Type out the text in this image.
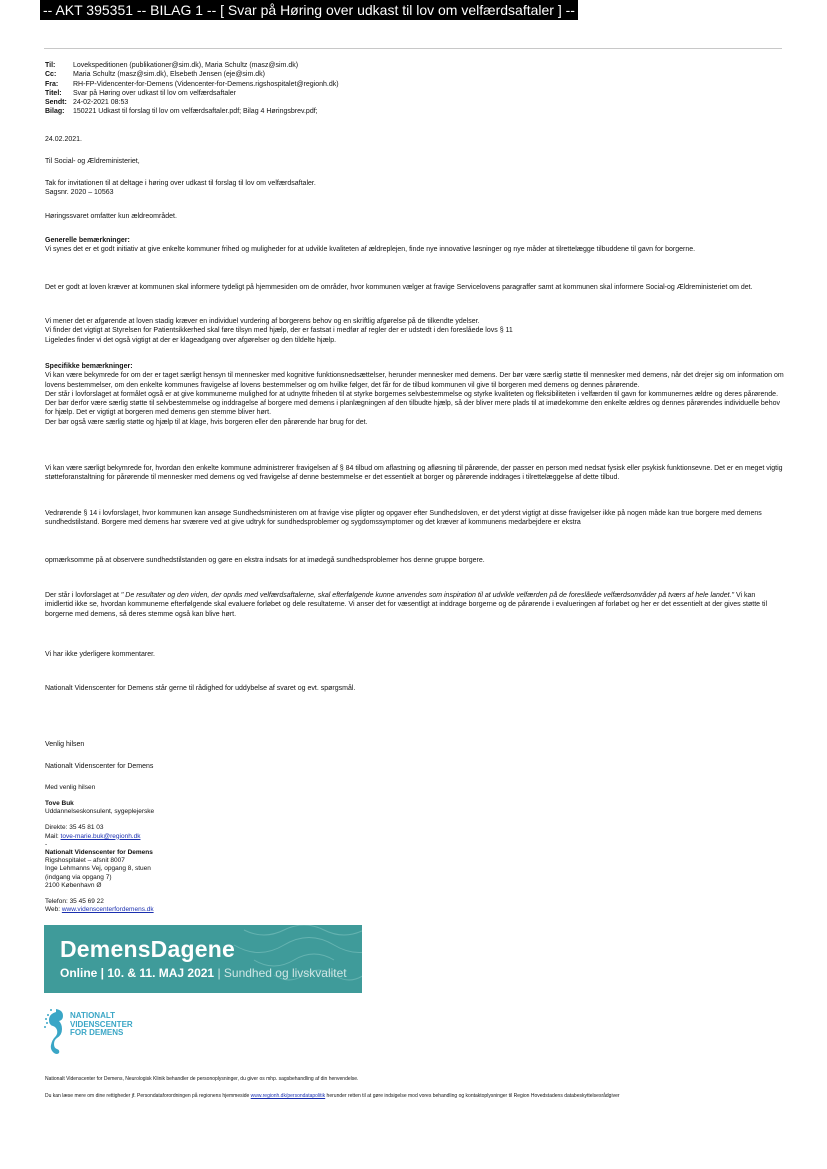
-- AKT 395351 -- BILAG 1 -- [ Svar på Høring over udkast til lov om velfærdsaftaler ] --
Til:	Lovekspeditionen (publikationer@sim.dk), Maria Schultz (masz@sim.dk)
Cc:	Maria Schultz (masz@sim.dk), Elsebeth Jensen (eje@sim.dk)
Fra:	RH-FP-Videncenter-for-Demens (Videncenter-for-Demens.rigshospitalet@regionh.dk)
Titel:	Svar på Høring over udkast til lov om velfærdsaftaler
Sendt: 24-02-2021 08:53
Bilag:	150221 Udkast til forslag til lov om velfærdsaftaler.pdf; Bilag 4 Høringsbrev.pdf;

24.02.2021.

Til Social- og Ældreministeriet,

Tak for invitationen til at deltage i høring over udkast til forslag til lov om velfærdsaftaler.

Sagsnr. 2020 – 10563

Høringssvaret omfatter kun ældreområdet.

Generelle bemærkninger:

Vi synes det er et godt initiativ at give enkelte kommuner frihed og muligheder for at udvikle kvaliteten af ældreplejen, finde nye innovative løsninger og nye måder at tilrettelægge tilbuddene til gavn for borgerne.

Det er godt at loven kræver at kommunen skal informere tydeligt på hjemmesiden om de områder, hvor kommunen vælger at fravige Servicelovens paragraffer samt at kommunen skal informere Social-og Ældreministeriet om det.

Vi mener det er afgørende at loven stadig kræver en individuel vurdering af borgerens behov og en skriftlig afgørelse på de tilkendte ydelser.

Vi finder det vigtigt at Styrelsen for Patientsikkerhed skal føre tilsyn med hjælp, der er fastsat i medfør af regler der er udstedt i den foreslåede lovs § 11

Ligeledes finder vi det også vigtigt at der er klageadgang over afgørelser og den tildelte hjælp.

Specifikke bemærkninger:

Vi kan være bekymrede for om der er taget særligt hensyn til mennesker med kognitive funktionsnedsættelser, herunder mennesker med demens. Der bør være særlig støtte til mennesker med demens, når det drejer sig om information om lovens bestemmelser, om den enkelte kommunes fravigelse af lovens bestemmelser og om hvilke følger, det får for de tilbud kommunen vil give til borgeren med demens og dennes pårørende.

Der står i lovforslaget at formålet også er at give kommunerne mulighed for at udnytte friheden til at styrke borgernes selvbestemmelse og styrke kvaliteten og fleksibiliteten i velfærden til gavn for kommunernes ældre og deres pårørende. Der bør derfor være særlig støtte til selvbestemmelse og inddragelse af borgere med demens i planlægningen af den tilbudte hjælp, så der bliver mere plads til at imødekomme den enkelte ældres og dennes pårørendes individuelle behov for hjælp. Det er vigtigt at borgeren med demens gen stemme bliver hørt.

Der bør også være særlig støtte og hjælp til at klage, hvis borgeren eller den pårørende har brug for det.

Vi kan være særligt bekymrede for, hvordan den enkelte kommune administrerer fravigelsen af § 84 tilbud om aflastning og afløsning til pårørende, der passer en person med nedsat fysisk eller psykisk funktionsevne. Det er en meget vigtig støtteforanstaltning for pårørende til mennesker med demens og ved fravigelse af denne bestemmelse er det essentielt at borger og pårørende inddrages i tilrettelæggelse af dette tilbud.

Vedrørende § 14 i lovforslaget, hvor kommunen kan ansøge Sundhedsministeren om at fravige vise pligter og opgaver efter Sundhedsloven, er det yderst vigtigt at disse fravigelser ikke på nogen måde kan true borgere med demens sundhedstilstand. Borgere med demens har sværere ved at give udtryk for sundhedsproblemer og sygdomssymptomer og det kræver af kommunens medarbejdere er ekstra

opmærksomme på at observere sundhedstilstanden og gøre en ekstra indsats for at imødegå sundhedsproblemer hos denne gruppe borgere.

Der står i lovforslaget at " De resultater og den viden, der opnås med velfærdsaftalerne, skal efterfølgende kunne anvendes som inspiration til at udvikle velfærden på de foreslåede velfærdsområder på tværs af hele landet." Vi kan imidlertid ikke se, hvordan kommunerne efterfølgende skal evaluere forløbet og dele resultaterne. Vi anser det for væsentligt at inddrage borgerne og de pårørende i evalueringen af forløbet og her er det essentielt at der gives støtte til borgerne med demens, så deres stemme også kan blive hørt.

Vi har ikke yderligere kommentarer.

Nationalt Videnscenter for Demens står gerne til rådighed for uddybelse af svaret og evt. spørgsmål.

Venlig hilsen

Nationalt Videnscenter for Demens

Med venlig hilsen
Tove Buk
Uddannelseskonsulent, sygeplejerske
Direkte: 35 45 81 03
Mail: tove-marie.buk@regionh.dk
-
Nationalt Videnscenter for Demens
Rigshospitalet – afsnit 8007
Inge Lehmanns Vej, opgang 8, stuen
(indgang via opgang 7)
2100 København Ø
Telefon: 35 45 69 22
Web: www.videnscenterfordemens.dk
DemensDagene
Online | 10. & 11. MAJ 2021 | Sundhed og livskvalitet
NATIONALT
VIDENSCENTER
FOR DEMENS
Nationalt Videnscenter for Demens, Neurologisk Klinik behandler de personoplysninger, du giver os mhp. sagsbehandling af din henvendelse.
Du kan læse mere om dine rettigheder jf. Persondataforordningen på regionens hjemmeside www.regionh.dk/persondatapolitik herunder retten til at gøre indsigelse mod vores behandling og kontaktoplysninger til Region Hovedstadens databeskyttelsesrådgiver
